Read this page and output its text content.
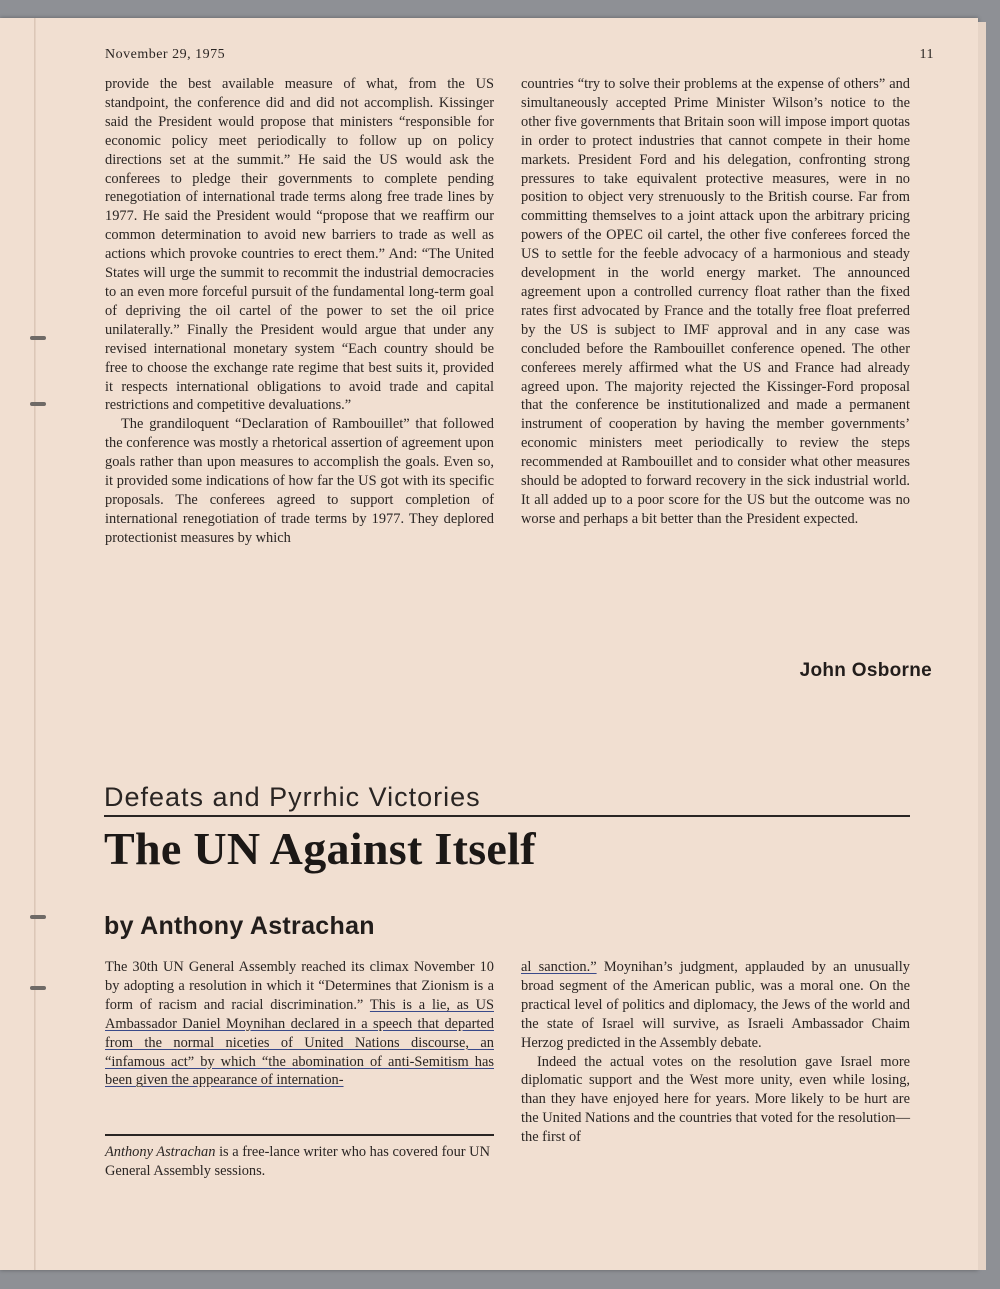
November 29, 1975	11

provide the best available measure of what, from the US standpoint, the conference did and did not accomplish. Kissinger said the President would propose that ministers “responsible for economic policy meet periodically to follow up on policy directions set at the summit.” He said the US would ask the conferees to pledge their governments to complete pending renegotiation of international trade terms along free trade lines by 1977. He said the President would “propose that we reaffirm our common determination to avoid new barriers to trade as well as actions which provoke countries to erect them.” And: “The United States will urge the summit to recommit the industrial democracies to an even more forceful pursuit of the fundamental long-term goal of depriving the oil cartel of the power to set the oil price unilaterally.” Finally the President would argue that under any revised international monetary system “Each country should be free to choose the exchange rate regime that best suits it, provided it respects international obligations to avoid trade and capital restrictions and competitive devaluations.”

The grandiloquent “Declaration of Rambouillet” that followed the conference was mostly a rhetorical assertion of agreement upon goals rather than upon measures to accomplish the goals. Even so, it provided some indications of how far the US got with its specific proposals. The conferees agreed to support completion of international renegotiation of trade terms by 1977. They deplored protectionist measures by which

countries “try to solve their problems at the expense of others” and simultaneously accepted Prime Minister Wilson’s notice to the other five governments that Britain soon will impose import quotas in order to protect industries that cannot compete in their home markets. President Ford and his delegation, confronting strong pressures to take equivalent protective measures, were in no position to object very strenuously to the British course. Far from committing themselves to a joint attack upon the arbitrary pricing powers of the OPEC oil cartel, the other five conferees forced the US to settle for the feeble advocacy of a harmonious and steady development in the world energy market. The announced agreement upon a controlled currency float rather than the fixed rates first advocated by France and the totally free float preferred by the US is subject to IMF approval and in any case was concluded before the Rambouillet conference opened. The other conferees merely affirmed what the US and France had already agreed upon. The majority rejected the Kissinger-Ford proposal that the conference be institutionalized and made a permanent instrument of cooperation by having the member governments’ economic ministers meet periodically to review the steps recommended at Rambouillet and to consider what other measures should be adopted to forward recovery in the sick industrial world. It all added up to a poor score for the US but the outcome was no worse and perhaps a bit better than the President expected.

John Osborne
Defeats and Pyrrhic Victories
The UN Against Itself
by Anthony Astrachan

The 30th UN General Assembly reached its climax November 10 by adopting a resolution in which it “Determines that Zionism is a form of racism and racial discrimination.” This is a lie, as US Ambassador Daniel Moynihan declared in a speech that departed from the normal niceties of United Nations discourse, an “infamous act” by which “the abomination of anti-Semitism has been given the appearance of internation-

al sanction.” Moynihan’s judgment, applauded by an unusually broad segment of the American public, was a moral one. On the practical level of politics and diplomacy, the Jews of the world and the state of Israel will survive, as Israeli Ambassador Chaim Herzog predicted in the Assembly debate.

Indeed the actual votes on the resolution gave Israel more diplomatic support and the West more unity, even while losing, than they have enjoyed here for years. More likely to be hurt are the United Nations and the countries that voted for the resolution—the first of

Anthony Astrachan is a free-lance writer who has covered four UN General Assembly sessions.
